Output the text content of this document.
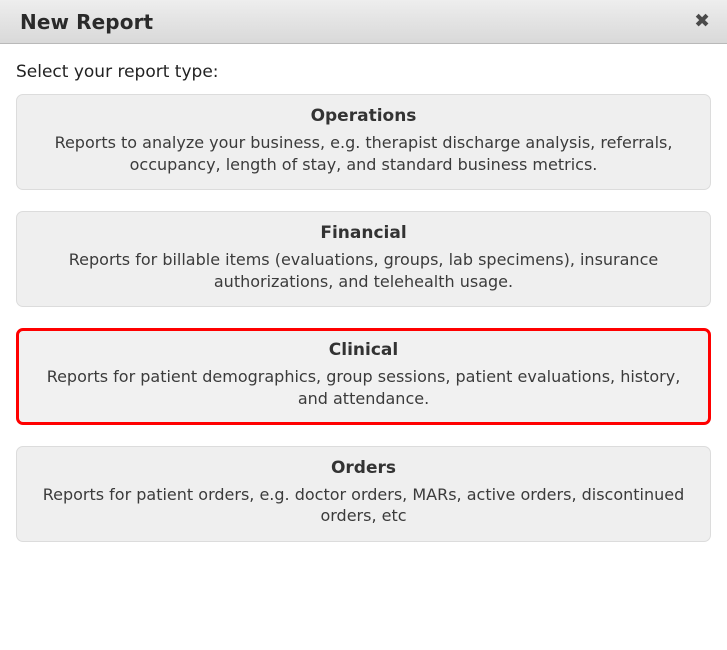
New Report	✖
Select your report type:
Operations
Reports to analyze your business, e.g. therapist discharge analysis, referrals, occupancy, length of stay, and standard business metrics.
Financial
Reports for billable items (evaluations, groups, lab specimens), insurance authorizations, and telehealth usage.
Clinical
Reports for patient demographics, group sessions, patient evaluations, history, and attendance.
Orders
Reports for patient orders, e.g. doctor orders, MARs, active orders, discontinued orders, etc
